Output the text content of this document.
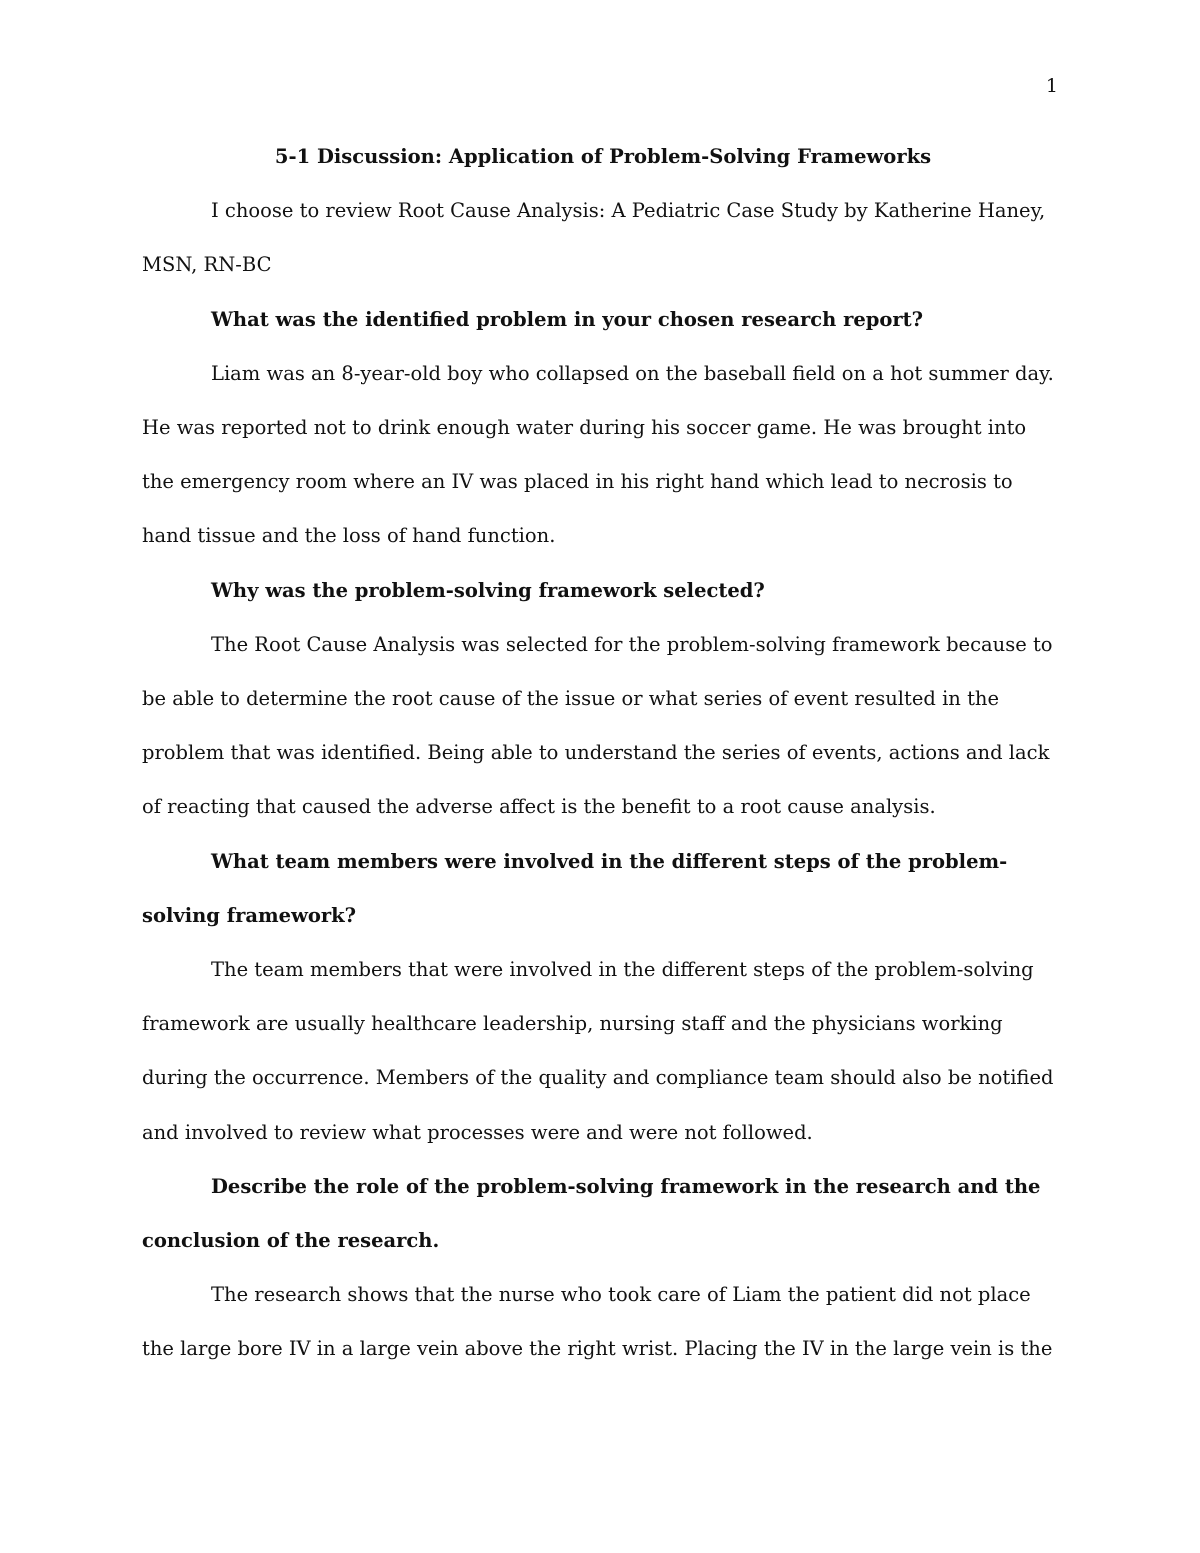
1

5-1 Discussion: Application of Problem-Solving Frameworks

I choose to review Root Cause Analysis: A Pediatric Case Study by Katherine Haney, MSN, RN-BC

What was the identified problem in your chosen research report?

Liam was an 8-year-old boy who collapsed on the baseball field on a hot summer day. He was reported not to drink enough water during his soccer game. He was brought into the emergency room where an IV was placed in his right hand which lead to necrosis to hand tissue and the loss of hand function.

Why was the problem-solving framework selected?

The Root Cause Analysis was selected for the problem-solving framework because to be able to determine the root cause of the issue or what series of event resulted in the problem that was identified. Being able to understand the series of events, actions and lack of reacting that caused the adverse affect is the benefit to a root cause analysis.

What team members were involved in the different steps of the problem-solving framework?

The team members that were involved in the different steps of the problem-solving framework are usually healthcare leadership, nursing staff and the physicians working during the occurrence. Members of the quality and compliance team should also be notified and involved to review what processes were and were not followed.

Describe the role of the problem-solving framework in the research and the conclusion of the research.

The research shows that the nurse who took care of Liam the patient did not place the large bore IV in a large vein above the right wrist. Placing the IV in the large vein is the
